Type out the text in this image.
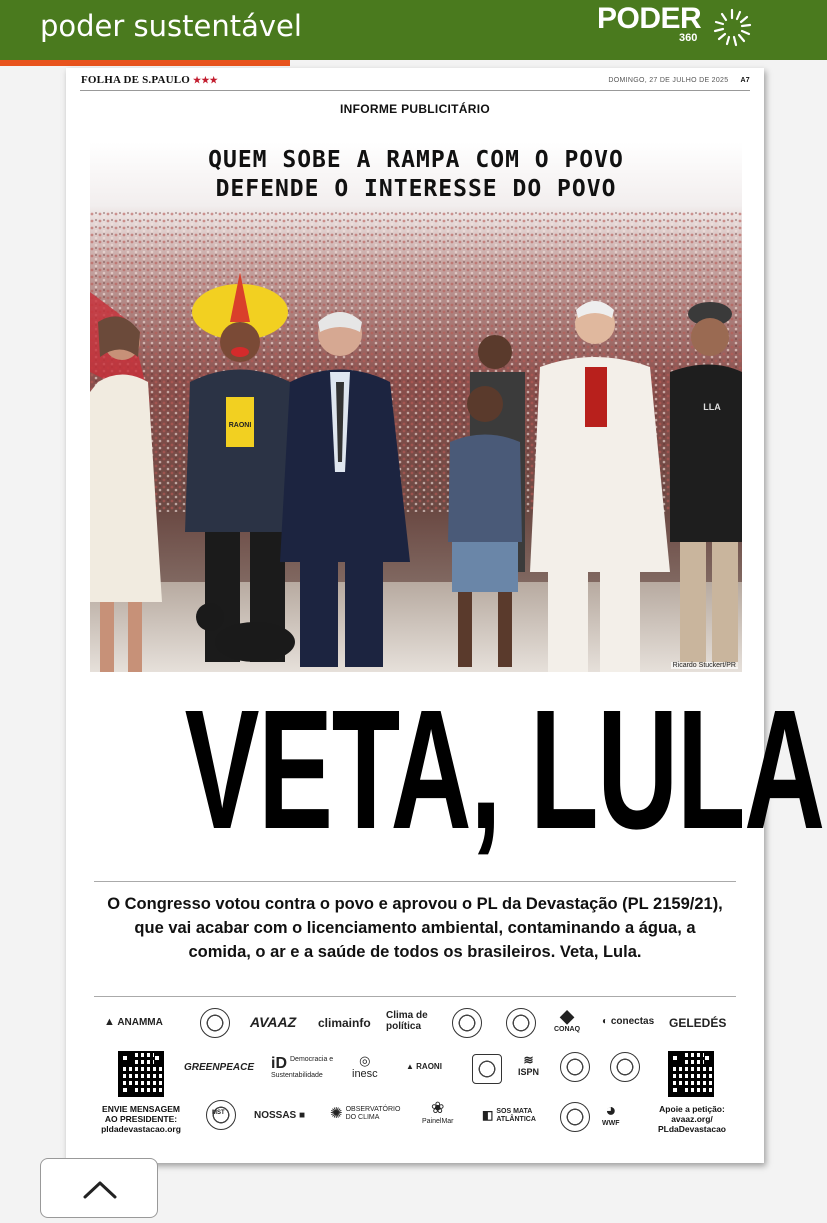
poder sustentável	PODER
360
FOLHA DE S.PAULO ★★★	DOMINGO, 27 DE JULHO DE 2025 A7
INFORME PUBLICITÁRIO
RAONI
LLA
QUEM SOBE A RAMPA COM O POVO
DEFENDE O INTERESSE DO POVO
Ricardo Stuckert/PR
VETA, LULA
O Congresso votou contra o povo e aprovou o PL da Devastação (PL 2159/21), que vai acabar com o licenciamento ambiental, contaminando a água, a comida, o ar e a saúde de todos os brasileiros. Veta, Lula.
▲ ANAMMA	AVAAZ climainfo
Clima de política
◆
CONAQ
◐ conectas GELEDÉS
GREENPEACE iD Democracia e Sustentabilidade
◎
inesc
▲ RAONI	≋
ISPN
ENVIE MENSAGEM AO PRESIDENTE: pldadevastacao.org
MST	NOSSAS ■ ✺ OBSERVATÓRIO DO CLIMA
❀
PainelMar ◧ SOS MATA ATLÂNTICA	◕
WWF
Apoie a petição: avaaz.org/ PLdaDevastacao
